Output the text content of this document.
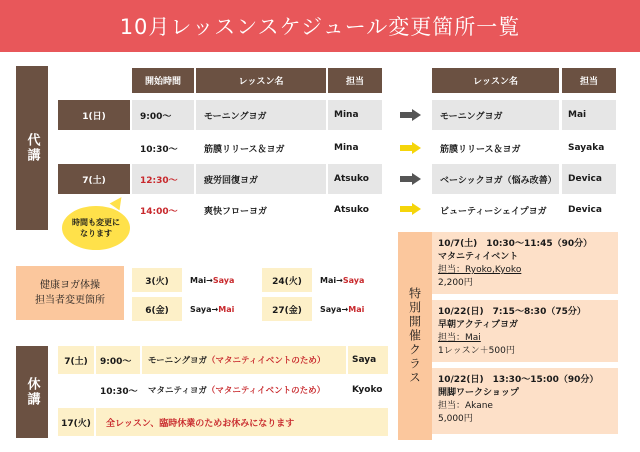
10月レッスンスケジュール変更箇所一覧
代講
開始時間	レッスン名	担当	レッスン名	担当
1(日)	9:00～	モーニングヨガ	Mina	モーニングヨガ	Mai
10:30～	筋膜リリース＆ヨガ	Mina	筋膜リリース＆ヨガ	Sayaka
7(土)	12:30～	疲労回復ヨガ	Atsuko	ベーシックヨガ（悩み改善）	Devica
14:00～	爽快フローヨガ	Atsuko	ビューティーシェイプヨガ	Devica
時間も変更に
なります
健康ヨガ体操
担当者変更箇所
3(火)	Mai → Saya	24(火)	Mai → Saya
6(金)	Saya → Mai	27(金)	Saya → Mai
休講
7(土)	9:00～	モーニングヨガ （マタニティイベントのため）	Saya
10:30～ マタニティヨガ （マタニティイベントのため）	Kyoko
17(火)	全レッスン、臨時休業のためお休みになります
特別開催クラス
10/7(土)　10:30～11:45（90分）
マタニティイベント
担当：Ryoko,Kyoko
2,200円
10/22(日)　7:15～8:30（75分）
早朝アクティブヨガ
担当：Mai
1レッスン＋500円
10/22(日)　13:30～15:00（90分）
開脚ワークショップ
担当：Akane
5,000円
